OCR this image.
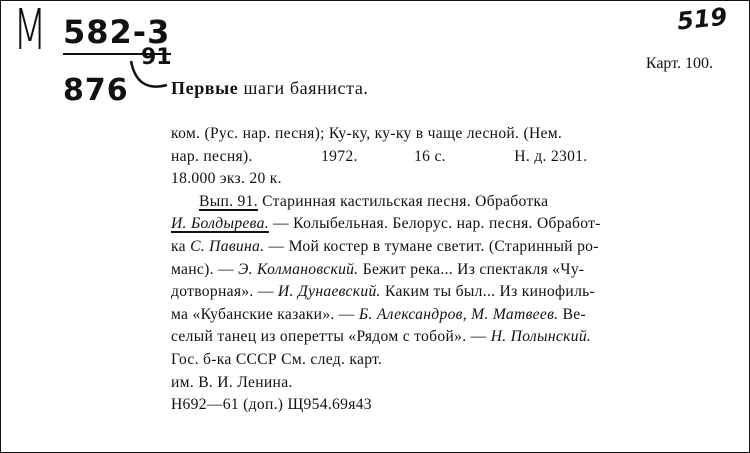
М 582-3
876
91
519
Карт. 100.
Первые шаги баяниста.
ком. (Рус. нар. песня); Ку-ку, ку-ку в чаще лесной. (Нем.
нар. песня).	1972.	16 с.	Н. д. 2301.
18.000 экз. 20 к.
Вып. 91. Старинная кастильская песня. Обработка
И. Болдырева. — Колыбельная. Белорус. нар. песня. Обработ-
ка С. Павина. — Мой костер в тумане светит. (Старинный ро-
манс). — Э. Колмановский. Бежит река... Из спектакля «Чу-
дотворная». — И. Дунаевский. Каким ты был... Из кинофиль-
ма «Кубанские казаки». — Б. Александров, М. Матвеев. Ве-
селый танец из оперетты «Рядом с тобой». — Н. Полынский.
Гос. б-ка СССР См. след. карт.
им. В. И. Ленина.
Н692—61 (доп.) Щ954.69я43
